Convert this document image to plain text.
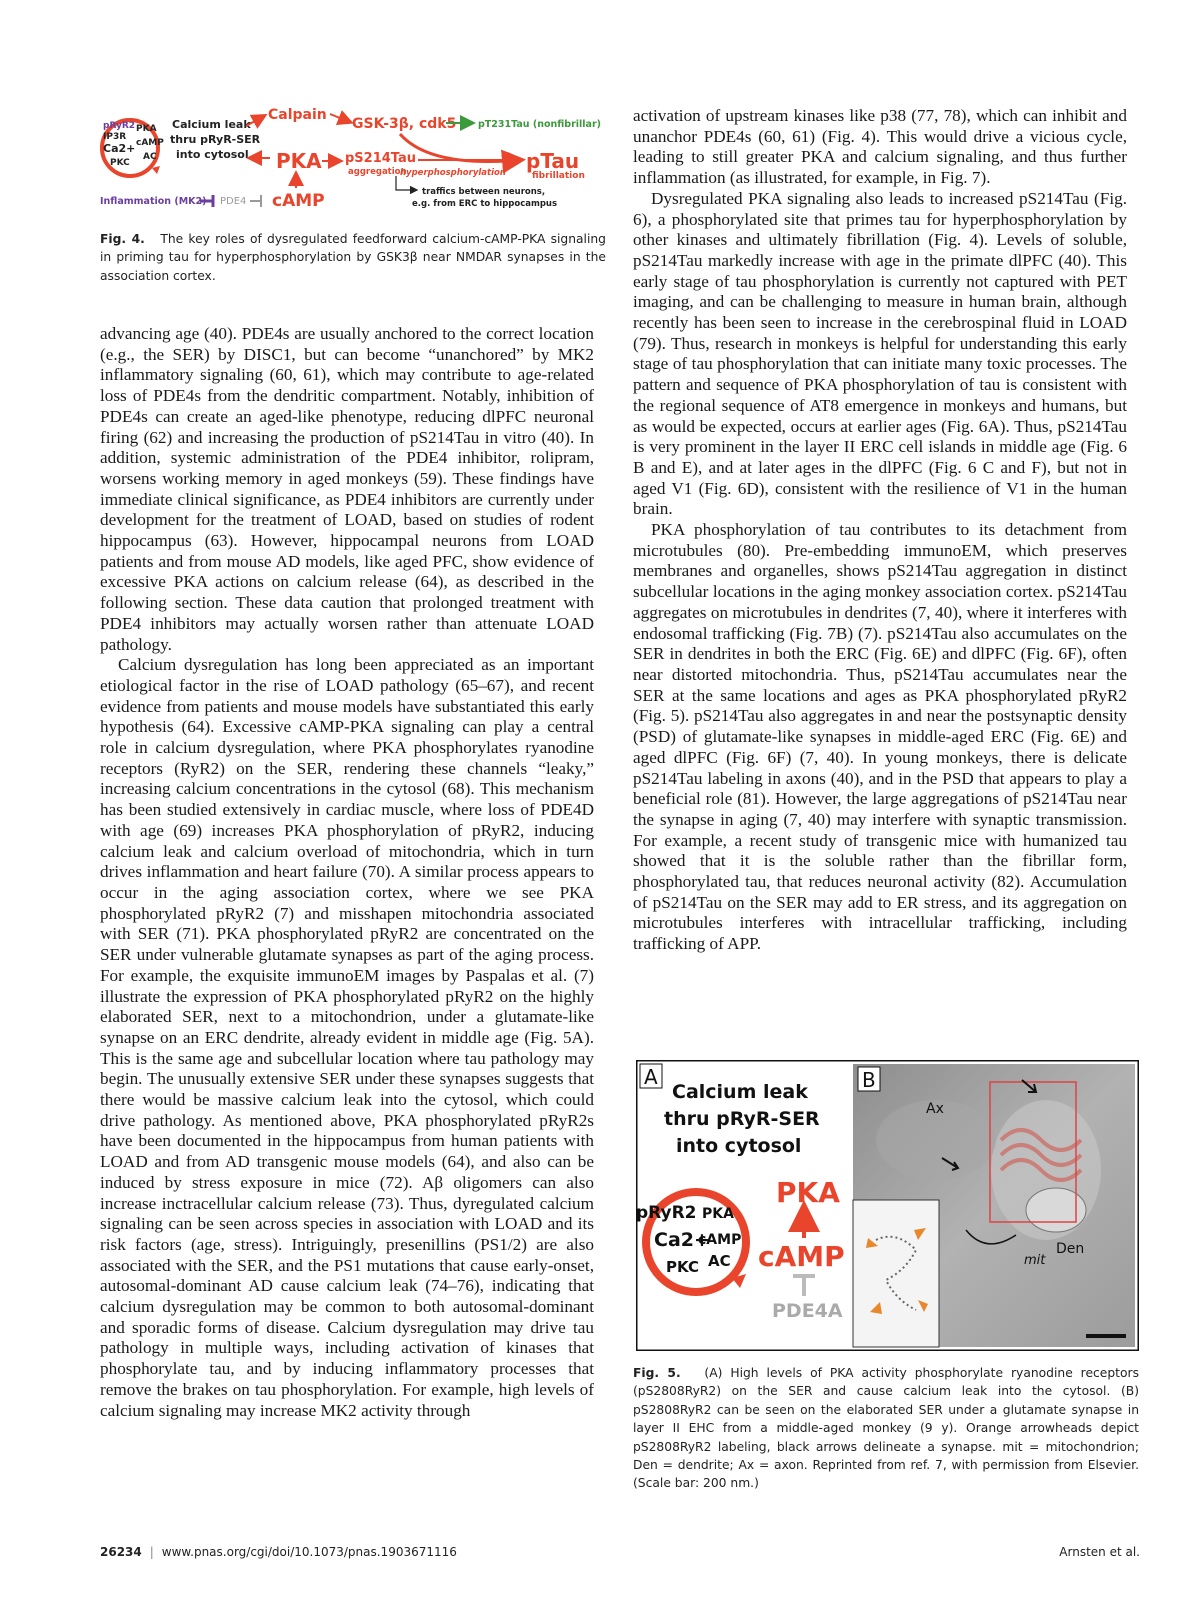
pRyR2
IP3R
Ca2+
PKC
PKA
cAMP
AC
Calcium leak
thru pRyR-SER
into cytosol
Calpain
GSK-3β, cdk5 pT231Tau (nonfibrillar)
PKA pS214Tau
aggregation
hyperphosphorylation pTau
fibrillation
cAMP
Inflammation (MK2) PDE4
traffics between neurons,
e.g. from ERC to hippocampus
Fig. 4. The key roles of dysregulated feedforward calcium-cAMP-PKA signaling in priming tau for hyperphosphorylation by GSK3β near NMDAR synapses in the association cortex.

advancing age (40). PDE4s are usually anchored to the correct location (e.g., the SER) by DISC1, but can become “unanchored” by MK2 inflammatory signaling (60, 61), which may contribute to age-related loss of PDE4s from the dendritic compartment. Notably, inhibition of PDE4s can create an aged-like phenotype, reducing dlPFC neuronal firing (62) and increasing the production of pS214Tau in vitro (40). In addition, systemic administration of the PDE4 inhibitor, rolipram, worsens working memory in aged monkeys (59). These findings have immediate clinical significance, as PDE4 inhibitors are currently under development for the treatment of LOAD, based on studies of rodent hippocampus (63). However, hippocampal neurons from LOAD patients and from mouse AD models, like aged PFC, show evidence of excessive PKA actions on calcium release (64), as described in the following section. These data caution that prolonged treatment with PDE4 inhibitors may actually worsen rather than attenuate LOAD pathology.

Calcium dysregulation has long been appreciated as an important etiological factor in the rise of LOAD pathology (65–67), and recent evidence from patients and mouse models have substantiated this early hypothesis (64). Excessive cAMP-PKA signaling can play a central role in calcium dysregulation, where PKA phosphorylates ryanodine receptors (RyR2) on the SER, rendering these channels “leaky,” increasing calcium concentrations in the cytosol (68). This mechanism has been studied extensively in cardiac muscle, where loss of PDE4D with age (69) increases PKA phosphorylation of pRyR2, inducing calcium leak and calcium overload of mitochondria, which in turn drives inflammation and heart failure (70). A similar process appears to occur in the aging association cortex, where we see PKA phosphorylated pRyR2 (7) and misshapen mitochondria associated with SER (71). PKA phosphorylated pRyR2 are concentrated on the SER under vulnerable glutamate synapses as part of the aging process. For example, the exquisite immunoEM images by Paspalas et al. (7) illustrate the expression of PKA phosphorylated pRyR2 on the highly elaborated SER, next to a mitochondrion, under a glutamate-like synapse on an ERC dendrite, already evident in middle age (Fig. 5A). This is the same age and subcellular location where tau pathology may begin. The unusually extensive SER under these synapses suggests that there would be massive calcium leak into the cytosol, which could drive pathology. As mentioned above, PKA phosphorylated pRyR2s have been documented in the hippocampus from human patients with LOAD and from AD transgenic mouse models (64), and also can be induced by stress exposure in mice (72). Aβ oligomers can also increase inctracellular calcium release (73). Thus, dyregulated calcium signaling can be seen across species in association with LOAD and its risk factors (age, stress). Intriguingly, presenillins (PS1/2) are also associated with the SER, and the PS1 mutations that cause early-onset, autosomal-dominant AD cause calcium leak (74–76), indicating that calcium dysregulation may be common to both autosomal-dominant and sporadic forms of disease. Calcium dysregulation may drive tau pathology in multiple ways, including activation of kinases that phosphorylate tau, and by inducing inflammatory processes that remove the brakes on tau phosphorylation. For example, high levels of calcium signaling may increase MK2 activity through

activation of upstream kinases like p38 (77, 78), which can inhibit and unanchor PDE4s (60, 61) (Fig. 4). This would drive a vicious cycle, leading to still greater PKA and calcium signaling, and thus further inflammation (as illustrated, for example, in Fig. 7).

Dysregulated PKA signaling also leads to increased pS214Tau (Fig. 6), a phosphorylated site that primes tau for hyperphosphorylation by other kinases and ultimately fibrillation (Fig. 4). Levels of soluble, pS214Tau markedly increase with age in the primate dlPFC (40). This early stage of tau phosphorylation is currently not captured with PET imaging, and can be challenging to measure in human brain, although recently has been seen to increase in the cerebrospinal fluid in LOAD (79). Thus, research in monkeys is helpful for understanding this early stage of tau phosphorylation that can initiate many toxic processes. The pattern and sequence of PKA phosphorylation of tau is consistent with the regional sequence of AT8 emergence in monkeys and humans, but as would be expected, occurs at earlier ages (Fig. 6A). Thus, pS214Tau is very prominent in the layer II ERC cell islands in middle age (Fig. 6 B and E), and at later ages in the dlPFC (Fig. 6 C and F), but not in aged V1 (Fig. 6D), consistent with the resilience of V1 in the human brain.

PKA phosphorylation of tau contributes to its detachment from microtubules (80). Pre-embedding immunoEM, which preserves membranes and organelles, shows pS214Tau aggregation in distinct subcellular locations in the aging monkey association cortex. pS214Tau aggregates on microtubules in dendrites (7, 40), where it interferes with endosomal trafficking (Fig. 7B) (7). pS214Tau also accumulates on the SER in dendrites in both the ERC (Fig. 6E) and dlPFC (Fig. 6F), often near distorted mitochondria. Thus, pS214Tau accumulates near the SER at the same locations and ages as PKA phosphorylated pRyR2 (Fig. 5). pS214Tau also aggregates in and near the postsynaptic density (PSD) of glutamate-like synapses in middle-aged ERC (Fig. 6E) and aged dlPFC (Fig. 6F) (7, 40). In young monkeys, there is delicate pS214Tau labeling in axons (40), and in the PSD that appears to play a beneficial role (81). However, the large aggregations of pS214Tau near the synapse in aging (7, 40) may interfere with synaptic transmission. For example, a recent study of transgenic mice with humanized tau showed that it is the soluble rather than the fibrillar form, phosphorylated tau, that reduces neuronal activity (82). Accumulation of pS214Tau on the SER may add to ER stress, and its aggregation on microtubules interferes with intracellular trafficking, including trafficking of APP.

A
Calcium leak
thru pRyR-SER
into cytosol
pRyR2 PKA
Ca2+
cAMP
PKC AC
PKA
cAMP
PDE4A
B
Ax
Den
mit
Fig. 5. (A) High levels of PKA activity phosphorylate ryanodine receptors (pS2808RyR2) on the SER and cause calcium leak into the cytosol. (B) pS2808RyR2 can be seen on the elaborated SER under a glutamate synapse in layer II EHC from a middle-aged monkey (9 y). Orange arrowheads depict pS2808RyR2 labeling, black arrows delineate a synapse. mit = mitochondrion; Den = dendrite; Ax = axon. Reprinted from ref. 7, with permission from Elsevier. (Scale bar: 200 nm.)
26234 | www.pnas.org/cgi/doi/10.1073/pnas.1903671116	Arnsten et al.
